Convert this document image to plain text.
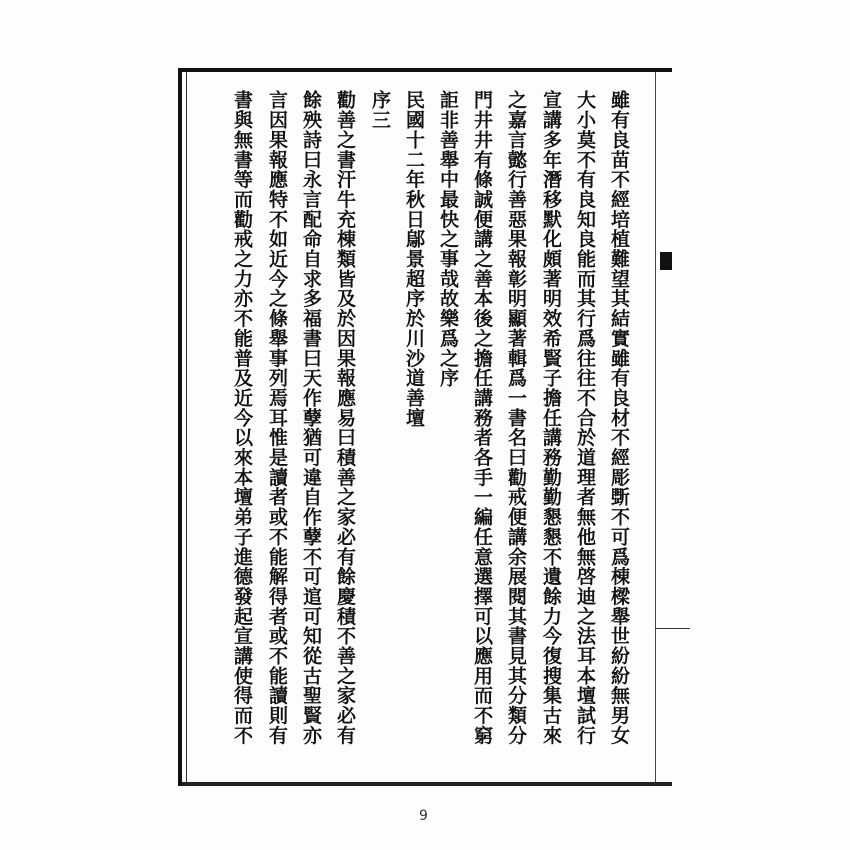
雖有良苗不經培植難望其結實雖有良材不經彫斲不可爲棟樑舉世紛紛無男女
大小莫不有良知良能而其行爲往往不合於道理者無他無啓迪之法耳本壇試行
宣講多年潛移默化頗著明效希賢子擔任講務勤勤懇懇不遺餘力今復搜集古來
之嘉言懿行善惡果報彰明顯著輯爲一書名曰勸戒便講余展閱其書見其分類分
門井井有條誠便講之善本後之擔任講務者各手一編任意選擇可以應用而不窮
詎非善舉中最快之事哉故樂爲之序
民國十二年秋日鄔景超序於川沙道善壇
序三
勸善之書汗牛充棟類皆及於因果報應易曰積善之家必有餘慶積不善之家必有
餘殃詩曰永言配命自求多福書曰天作孽猶可違自作孽不可逭可知從古聖賢亦
言因果報應特不如近今之條舉事列焉耳惟是讀者或不能解得者或不能讀則有
書與無書等而勸戒之力亦不能普及近今以來本壇弟子進德發起宣講使得而不
9
